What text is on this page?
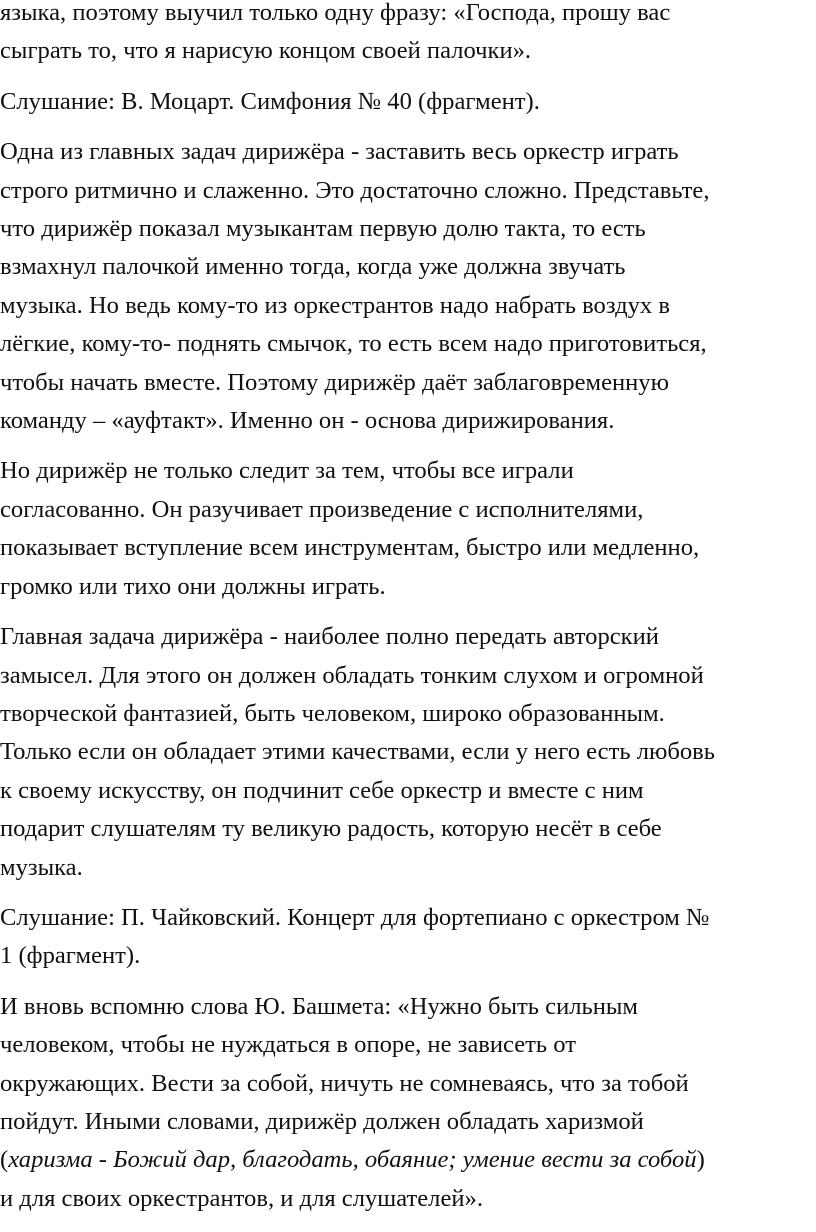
языка, поэтому выучил только одну фразу: «Господа, прошу вас
сыграть то, что я нарисую концом своей палочки».

Слушание: В. Моцарт. Симфония № 40 (фрагмент).

Одна из главных задач дирижёра - заставить весь оркестр играть
строго ритмично и слаженно. Это достаточно сложно. Представьте,
что дирижёр показал музыкантам первую долю такта, то есть
взмахнул палочкой именно тогда, когда уже должна звучать
музыка. Но ведь кому-то из оркестрантов надо набрать воздух в
лёгкие, кому-то- поднять смычок, то есть всем надо приготовиться,
чтобы начать вместе. Поэтому дирижёр даёт заблаговременную
команду – «ауфтакт». Именно он - основа дирижирования.

Но дирижёр не только следит за тем, чтобы все играли
согласованно. Он разучивает произведение с исполнителями,
показывает вступление всем инструментам, быстро или медленно,
громко или тихо они должны играть.

Главная задача дирижёра - наиболее полно передать авторский
замысел. Для этого он должен обладать тонким слухом и огромной
творческой фантазией, быть человеком, широко образованным.
Только если он обладает этими качествами, если у него есть любовь
к своему искусству, он подчинит себе оркестр и вместе с ним
подарит слушателям ту великую радость, которую несёт в себе
музыка.

Слушание: П. Чайковский. Концерт для фортепиано с оркестром №
1 (фрагмент).

И вновь вспомню слова Ю. Башмета: «Нужно быть сильным
человеком, чтобы не нуждаться в опоре, не зависеть от
окружающих. Вести за собой, ничуть не сомневаясь, что за тобой
пойдут. Иными словами, дирижёр должен обладать харизмой
(харизма - Божий дар, благодать, обаяние; умение вести за собой)
и для своих оркестрантов, и для слушателей».
